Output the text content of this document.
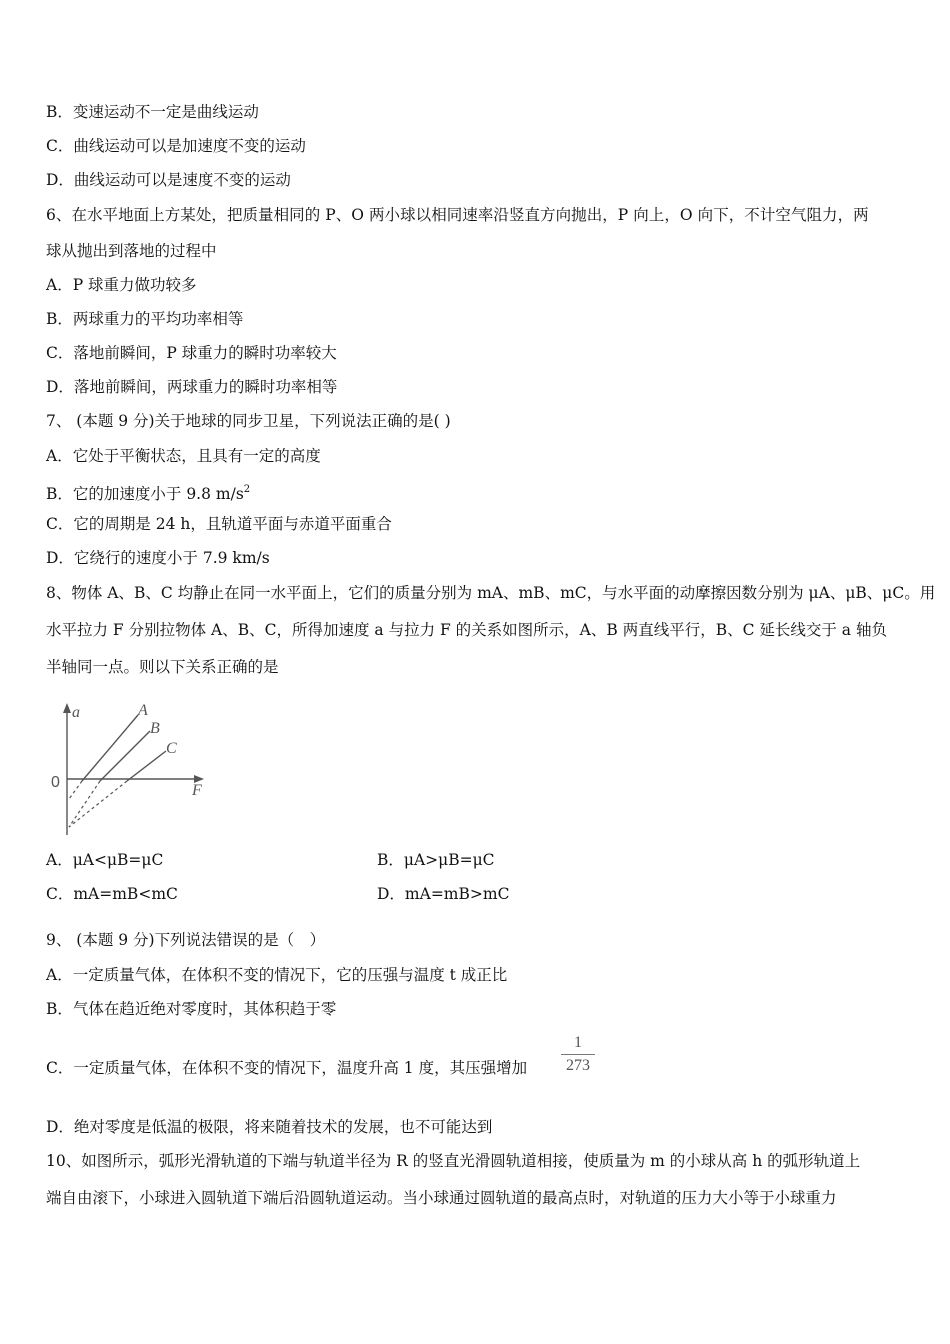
B．变速运动不一定是曲线运动
C．曲线运动可以是加速度不变的运动
D．曲线运动可以是速度不变的运动
6、在水平地面上方某处，把质量相同的 P、O 两小球以相同速率沿竖直方向抛出，P 向上，O 向下，不计空气阻力，两
球从抛出到落地的过程中
A．P 球重力做功较多
B．两球重力的平均功率相等
C．落地前瞬间，P 球重力的瞬时功率较大
D．落地前瞬间，两球重力的瞬时功率相等
7、 (本题 9 分)关于地球的同步卫星，下列说法正确的是( )
A．它处于平衡状态，且具有一定的高度
B．它的加速度小于 9.8 $m/s^2$
C．它的周期是 24 h，且轨道平面与赤道平面重合
D．它绕行的速度小于 7.9 km/s
8、物体 A、B、C 均静止在同一水平面上，它们的质量分别为 mA、mB、mC，与水平面的动摩擦因数分别为 μA、μB、μC。用
水平拉力 F 分别拉物体 A、B、C，所得加速度 a 与拉力 F 的关系如图所示，A、B 两直线平行，B、C 延长线交于 a 轴负
半轴同一点。则以下关系正确的是
a
F
A
B
C
0
A．μA<μB=μC	B．μA>μB=μC
C．mA=mB<mC	D．mA=mB>mC
9、 (本题 9 分)下列说法错误的是（　）
A．一定质量气体，在体积不变的情况下，它的压强与温度 t 成正比
B．气体在趋近绝对零度时，其体积趋于零
C．一定质量气体，在体积不变的情况下，温度升高 1 度，其压强增加
1
273
D．绝对零度是低温的极限，将来随着技术的发展，也不可能达到
10、如图所示，弧形光滑轨道的下端与轨道半径为 R 的竖直光滑圆轨道相接，使质量为 m 的小球从高 h 的弧形轨道上
端自由滚下，小球进入圆轨道下端后沿圆轨道运动。当小球通过圆轨道的最高点时，对轨道的压力大小等于小球重力
